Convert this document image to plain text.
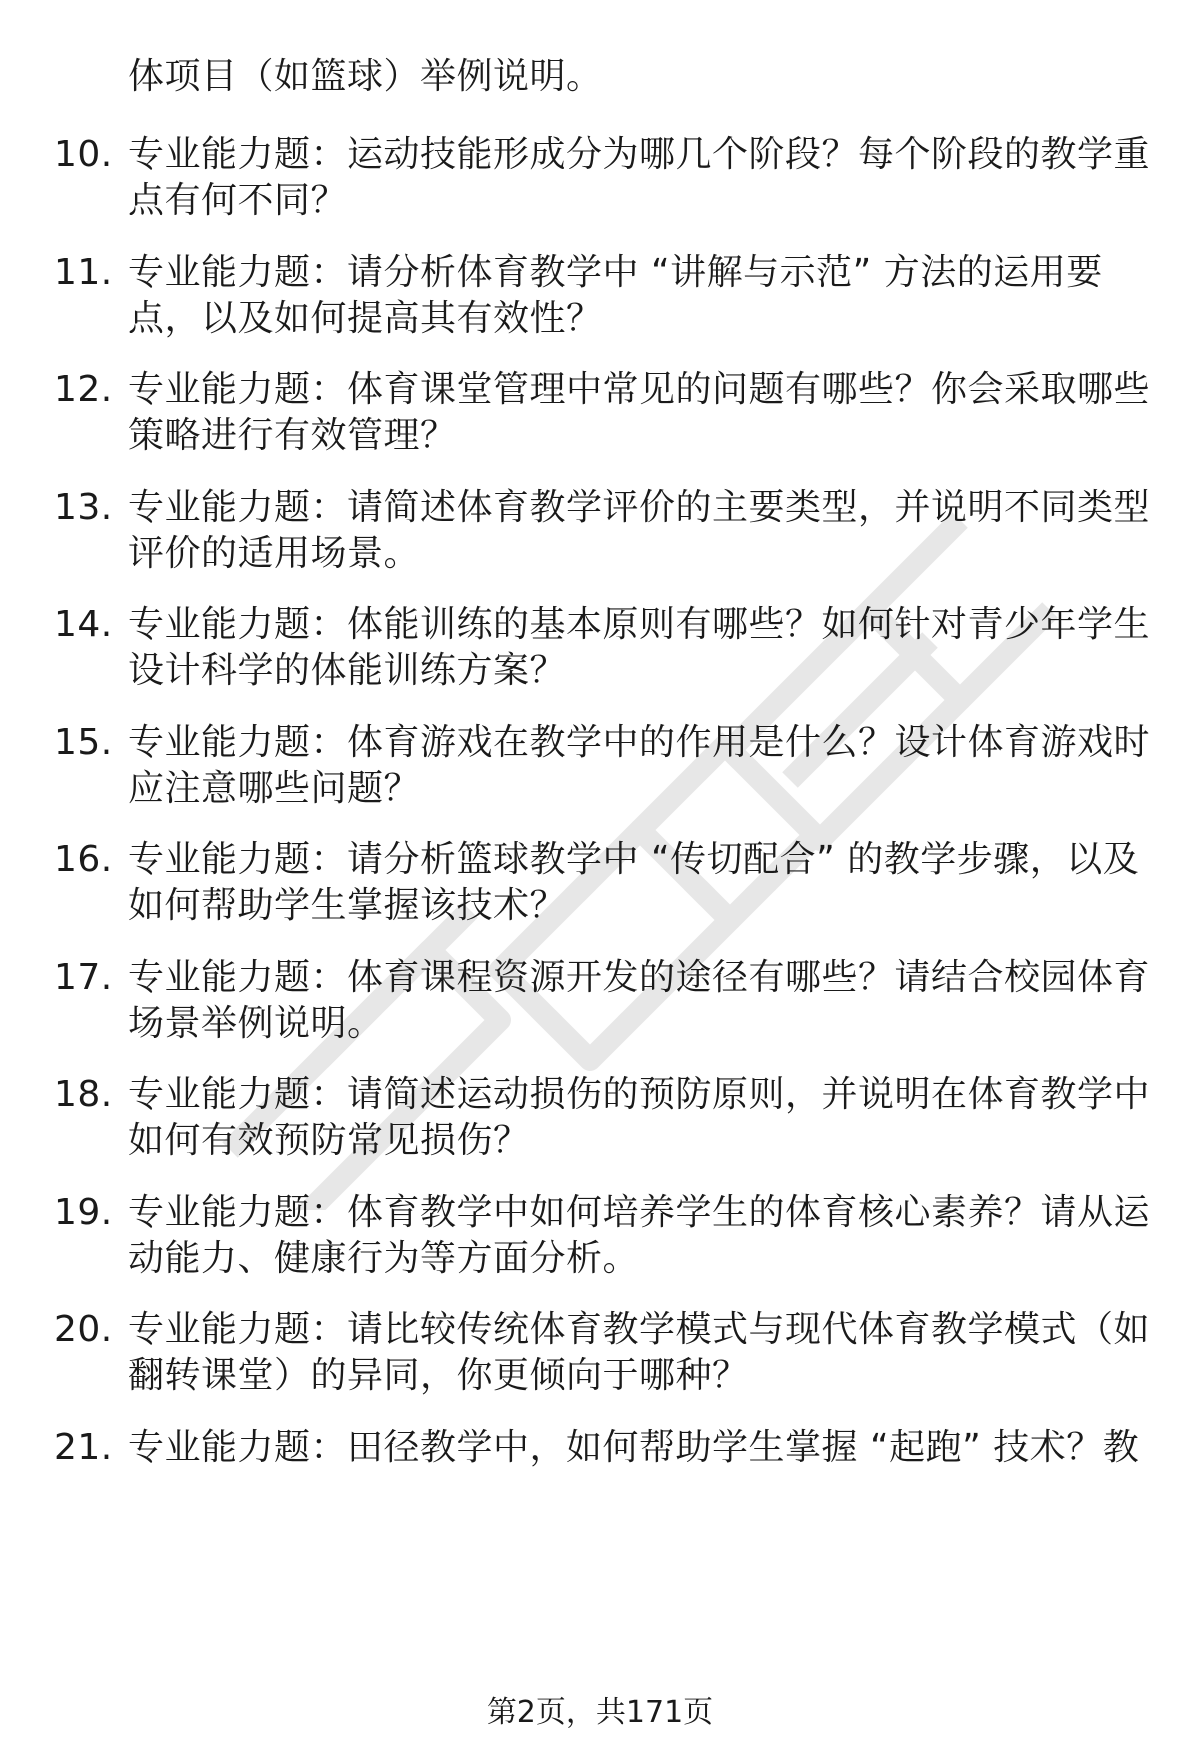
体项目（如篮球）举例说明。
10. 专业能力题：运动技能形成分为哪几个阶段？每个阶段的教学重
点有何不同？
11. 专业能力题：请分析体育教学中 “讲解与示范” 方法的运用要
点，以及如何提高其有效性？
12. 专业能力题：体育课堂管理中常见的问题有哪些？你会采取哪些
策略进行有效管理？
13. 专业能力题：请简述体育教学评价的主要类型，并说明不同类型
评价的适用场景。
14. 专业能力题：体能训练的基本原则有哪些？如何针对青少年学生
设计科学的体能训练方案？
15. 专业能力题：体育游戏在教学中的作用是什么？设计体育游戏时
应注意哪些问题？
16. 专业能力题：请分析篮球教学中 “传切配合” 的教学步骤，以及
如何帮助学生掌握该技术？
17. 专业能力题：体育课程资源开发的途径有哪些？请结合校园体育
场景举例说明。
18. 专业能力题：请简述运动损伤的预防原则，并说明在体育教学中
如何有效预防常见损伤？
19. 专业能力题：体育教学中如何培养学生的体育核心素养？请从运
动能力、健康行为等方面分析。
20. 专业能力题：请比较传统体育教学模式与现代体育教学模式（如
翻转课堂）的异同，你更倾向于哪种？
21. 专业能力题：田径教学中，如何帮助学生掌握 “起跑” 技术？教
第2页，共171页
